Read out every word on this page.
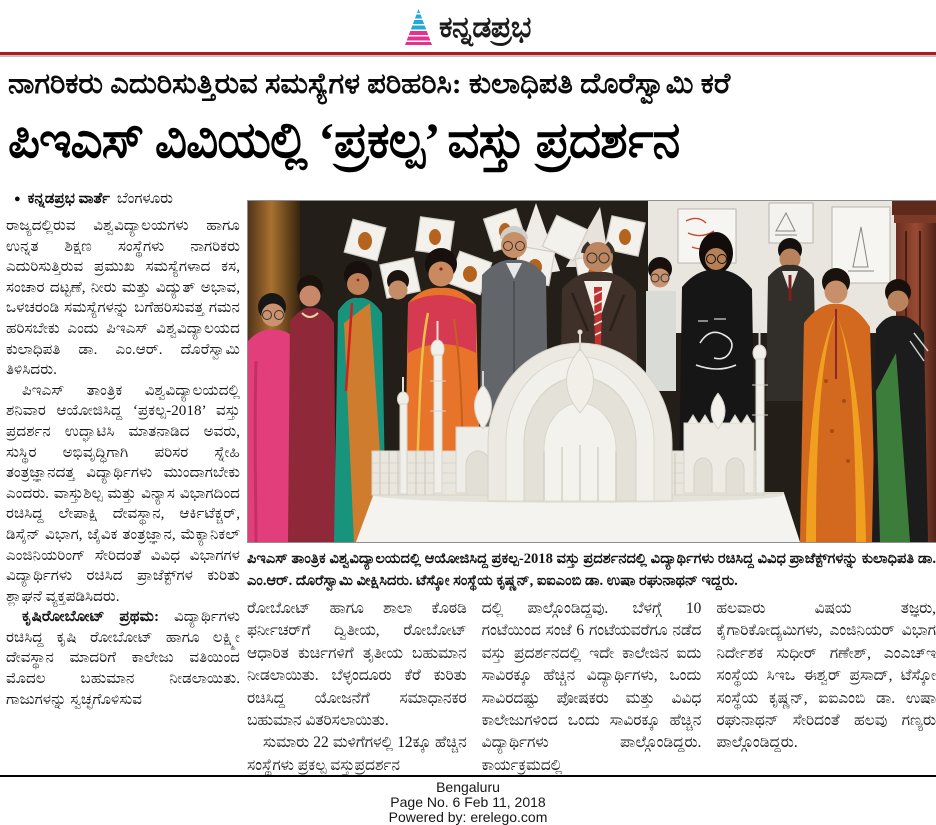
ಕನ್ನಡಪ್ರಭ
ನಾಗರಿಕರು ಎದುರಿಸುತ್ತಿರುವ ಸಮಸ್ಯೆಗಳ ಪರಿಹರಿಸಿ: ಕುಲಾಧಿಪತಿ ದೊರೆಸ್ವಾಮಿ ಕರೆ
ಪಿಇಎಸ್ ವಿವಿಯಲ್ಲಿ ‘ಪ್ರಕಲ್ಪ’ ವಸ್ತು ಪ್ರದರ್ಶನ
● ಕನ್ನಡಪ್ರಭ ವಾರ್ತೆ ಬೆಂಗಳೂರು

ರಾಜ್ಯದಲ್ಲಿರುವ ವಿಶ್ವವಿದ್ಯಾಲಯಗಳು ಹಾಗೂ ಉನ್ನತ ಶಿಕ್ಷಣ ಸಂಸ್ಥೆಗಳು ನಾಗರಿಕರು ಎದುರಿಸುತ್ತಿರುವ ಪ್ರಮುಖ ಸಮಸ್ಯೆಗಳಾದ ಕಸ, ಸಂಚಾರ ದಟ್ಟಣೆ, ನೀರು ಮತ್ತು ವಿದ್ಯುತ್ ಅಭಾವ, ಒಳಚರಂಡಿ ಸಮಸ್ಯೆಗಳನ್ನು ಬಗೆಹರಿಸುವತ್ತ ಗಮನ ಹರಿಸಬೇಕು ಎಂದು ಪಿಇಎಸ್ ವಿಶ್ವವಿದ್ಯಾಲಯದ ಕುಲಾಧಿಪತಿ ಡಾ. ಎಂ.ಆರ್. ದೊರೆಸ್ವಾಮಿ ತಿಳಿಸಿದರು.

ಪಿಇಎಸ್ ತಾಂತ್ರಿಕ ವಿಶ್ವವಿದ್ಯಾಲಯದಲ್ಲಿ ಶನಿವಾರ ಆಯೋಜಿಸಿದ್ದ ‘ಪ್ರಕಲ್ಪ-2018’ ವಸ್ತು ಪ್ರದರ್ಶನ ಉದ್ಘಾಟಿಸಿ ಮಾತನಾಡಿದ ಅವರು, ಸುಸ್ಥಿರ ಅಭಿವೃದ್ಧಿಗಾಗಿ ಪರಿಸರ ಸ್ನೇಹಿ ತಂತ್ರಜ್ಞಾನದತ್ತ ವಿದ್ಯಾರ್ಥಿಗಳು ಮುಂದಾಗಬೇಕು ಎಂದರು. ವಾಸ್ತುಶಿಲ್ಪ ಮತ್ತು ವಿನ್ಯಾಸ ವಿಭಾಗದಿಂದ ರಚಿಸಿದ್ದ ಲೇಪಾಕ್ಷಿ ದೇವಸ್ಥಾನ, ಆರ್ಕಿಟೆಕ್ಚರ್, ಡಿಸೈನ್ ವಿಭಾಗ, ಜೈವಿಕ ತಂತ್ರಜ್ಞಾನ, ಮೆಕ್ಯಾನಿಕಲ್ ಎಂಜಿನಿಯರಿಂಗ್ ಸೇರಿದಂತೆ ವಿವಿಧ ವಿಭಾಗಗಳ ವಿದ್ಯಾರ್ಥಿಗಳು ರಚಿಸಿದ ಪ್ರಾಜೆಕ್ಟ್‌ಗಳ ಕುರಿತು ಶ್ಲಾಘನೆ ವ್ಯಕ್ತಪಡಿಸಿದರು.

ಕೃಷಿರೋಬೋಟ್ ಪ್ರಥಮ: ವಿದ್ಯಾರ್ಥಿಗಳು ರಚಿಸಿದ್ದ ಕೃಷಿ ರೋಬೋಟ್ ಹಾಗೂ ಲಕ್ಷ್ಮೀ ದೇವಸ್ಥಾನ ಮಾದರಿಗೆ ಕಾಲೇಜು ವತಿಯಿಂದ ಮೊದಲ ಬಹುಮಾನ ನೀಡಲಾಯಿತು. ಗಾಜುಗಳನ್ನು ಸ್ವಚ್ಛಗೊಳಿಸುವ

ಪಿಇಎಸ್ ತಾಂತ್ರಿಕ ವಿಶ್ವವಿದ್ಯಾಲಯದಲ್ಲಿ ಆಯೋಜಿಸಿದ್ದ ಪ್ರಕಲ್ಪ-2018 ವಸ್ತು ಪ್ರದರ್ಶನದಲ್ಲಿ ವಿದ್ಯಾರ್ಥಿಗಳು ರಚಿಸಿದ್ದ ವಿವಿಧ ಪ್ರಾಜೆಕ್ಟ್‌ಗಳನ್ನು ಕುಲಾಧಿಪತಿ ಡಾ. ಎಂ.ಆರ್. ದೊರೆಸ್ವಾಮಿ ವೀಕ್ಷಿಸಿದರು. ಟೆಸ್ಕೋ ಸಂಸ್ಥೆಯ ಕೃಷ್ಣನ್, ಐಐಎಂಬಿ ಡಾ. ಉಷಾ ರಘುನಾಥನ್ ಇದ್ದರು.

ರೋಬೋಟ್ ಹಾಗೂ ಶಾಲಾ ಕೊಠಡಿ ಫರ್ನೀಚರ್‌ಗೆ ದ್ವಿತೀಯ, ರೋಬೋಟ್ ಆಧಾರಿತ ಕುರ್ಚಿಗಳಿಗೆ ತೃತೀಯ ಬಹುಮಾನ ನೀಡಲಾಯಿತು. ಬೆಳ್ಳಂದೂರು ಕೆರೆ ಕುರಿತು ರಚಿಸಿದ್ದ ಯೋಜನೆಗೆ ಸಮಾಧಾನಕರ ಬಹುಮಾನ ವಿತರಿಸಲಾಯಿತು.

ಸುಮಾರು 22 ಮಳಿಗೆಗಳಲ್ಲಿ 12ಕ್ಕೂ ಹೆಚ್ಚಿನ ಸಂಸ್ಥೆಗಳು ಪ್ರಕಲ್ಪ ವಸ್ತುಪ್ರದರ್ಶನ

ದಲ್ಲಿ ಪಾಲ್ಗೊಂಡಿದ್ದವು. ಬೆಳಗ್ಗೆ 10 ಗಂಟೆಯಿಂದ ಸಂಜೆ 6 ಗಂಟೆಯವರೆಗೂ ನಡೆದ ವಸ್ತು ಪ್ರದರ್ಶನದಲ್ಲಿ ಇದೇ ಕಾಲೇಜಿನ ಐದು ಸಾವಿರಕ್ಕೂ ಹೆಚ್ಚಿನ ವಿದ್ಯಾರ್ಥಿಗಳು, ಒಂದು ಸಾವಿರದಷ್ಟು ಪೋಷಕರು ಮತ್ತು ವಿವಿಧ ಕಾಲೇಜುಗಳಿಂದ ಒಂದು ಸಾವಿರಕ್ಕೂ ಹೆಚ್ಚಿನ ವಿದ್ಯಾರ್ಥಿಗಳು ಪಾಲ್ಗೊಂಡಿದ್ದರು. ಕಾರ್ಯಕ್ರಮದಲ್ಲಿ

ಹಲವಾರು ವಿಷಯ ತಜ್ಞರು, ಕೈಗಾರಿಕೋದ್ಯಮಿಗಳು, ಎಂಜಿನಿಯರ್ ವಿಭಾಗ ನಿರ್ದೇಶಕ ಸುಧೀರ್ ಗಣೇಶ್, ಎಂಎಚ್‌ಇ ಸಂಸ್ಥೆಯ ಸಿಇಒ ಈಶ್ವರ್ ಪ್ರಸಾದ್, ಟೆಸ್ಕೋ ಸಂಸ್ಥೆಯ ಕೃಷ್ಣನ್, ಐಐಎಂಬಿ ಡಾ. ಉಷಾ ರಘುನಾಥನ್ ಸೇರಿದಂತೆ ಹಲವು ಗಣ್ಯರು ಪಾಲ್ಗೊಂಡಿದ್ದರು.

Bengaluru
Page No. 6 Feb 11, 2018
Powered by: erelego.com
